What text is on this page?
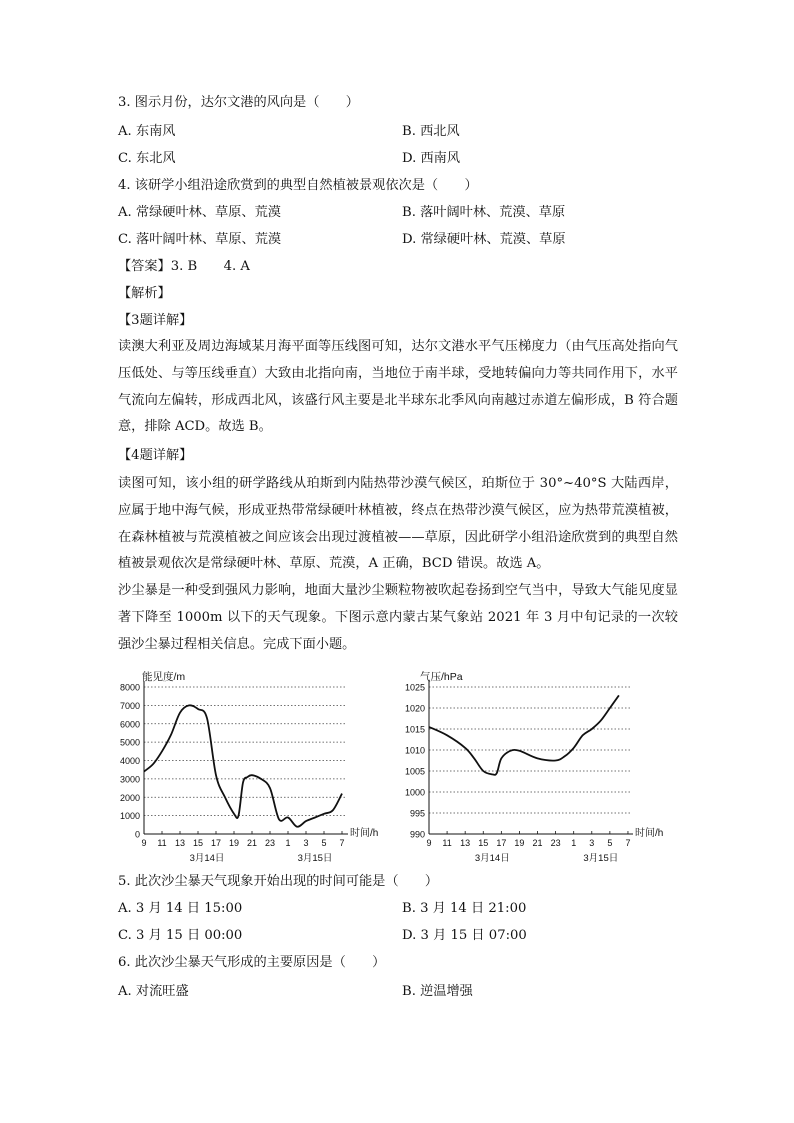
3. 图示月份，达尔文港的风向是（　　）
A. 东南风	B. 西北风
C. 东北风	D. 西南风
4. 该研学小组沿途欣赏到的典型自然植被景观依次是（　　）
A. 常绿硬叶林、草原、荒漠	B. 落叶阔叶林、荒漠、草原
C. 落叶阔叶林、草原、荒漠	D. 常绿硬叶林、荒漠、草原
【答案】3. B　　4. A
【解析】
【3题详解】
读澳大利亚及周边海域某月海平面等压线图可知，达尔文港水平气压梯度力（由气压高处指向气压低处、与等压线垂直）大致由北指向南，当地位于南半球，受地转偏向力等共同作用下，水平气流向左偏转，形成西北风，该盛行风主要是北半球东北季风向南越过赤道左偏形成，B 符合题意，排除 ACD。故选 B。
【4题详解】
读图可知，该小组的研学路线从珀斯到内陆热带沙漠气候区，珀斯位于 30°~40°S 大陆西岸，应属于地中海气候，形成亚热带常绿硬叶林植被，终点在热带沙漠气候区，应为热带荒漠植被，在森林植被与荒漠植被之间应该会出现过渡植被——草原，因此研学小组沿途欣赏到的典型自然植被景观依次是常绿硬叶林、草原、荒漠，A 正确，BCD 错误。故选 A。
沙尘暴是一种受到强风力影响，地面大量沙尘颗粒物被吹起卷扬到空气当中，导致大气能见度显著下降至 1000m 以下的天气现象。下图示意内蒙古某气象站 2021 年 3 月中旬记录的一次较强沙尘暴过程相关信息。完成下面小题。
能见度/m
0
1000
2000
3000
4000
5000
6000
7000
8000
9 11 13 15 17 19 21 23 1 3 5 7
3月14日	3月15日
时间/h
气压/hPa
990
995
1000
1005
1010
1015
1020
1025
9 11 13 15 17 19 21 23 1 3 5 7
3月14日	3月15日
时间/h
5. 此次沙尘暴天气现象开始出现的时间可能是（　　）
A. 3 月 14 日 15:00	B. 3 月 14 日 21:00
C. 3 月 15 日 00:00	D. 3 月 15 日 07:00
6. 此次沙尘暴天气形成的主要原因是（　　）
A. 对流旺盛	B. 逆温增强
